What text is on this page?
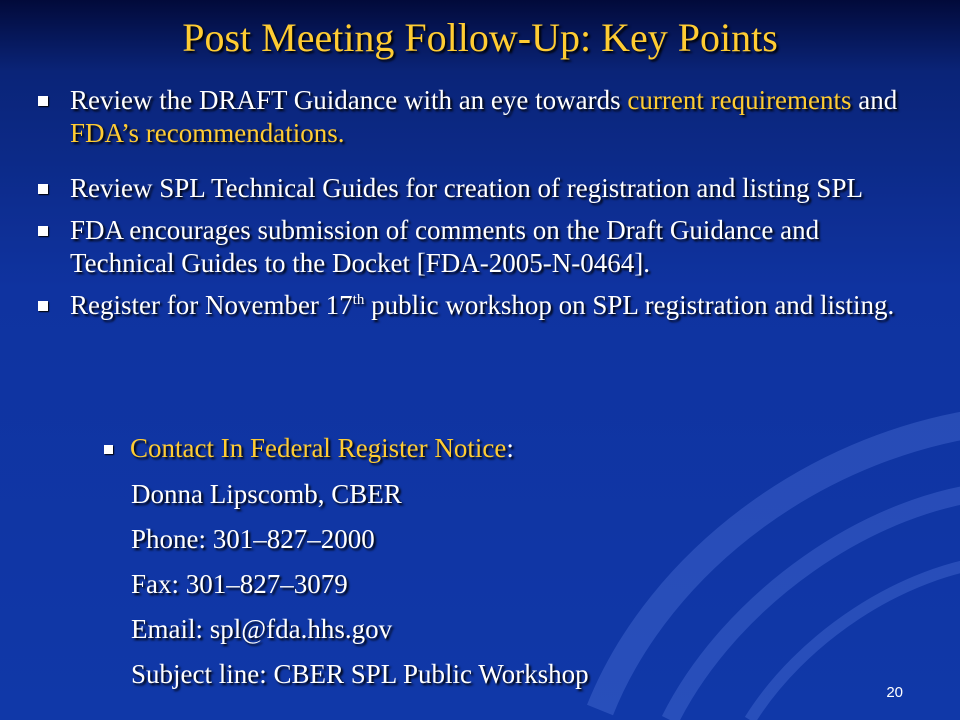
Post Meeting Follow-Up: Key Points
Review the DRAFT Guidance with an eye towards current requirements and FDA’s recommendations.
Review SPL Technical Guides for creation of registration and listing SPL
FDA encourages submission of comments on the Draft Guidance and Technical Guides to the Docket [FDA-2005-N-0464].
Register for November 17th public workshop on SPL registration and listing.
Contact In Federal Register Notice:
Donna Lipscomb, CBER
Phone: 301–827–2000
Fax: 301–827–3079
Email: spl@fda.hhs.gov
Subject line: CBER SPL Public Workshop
20
